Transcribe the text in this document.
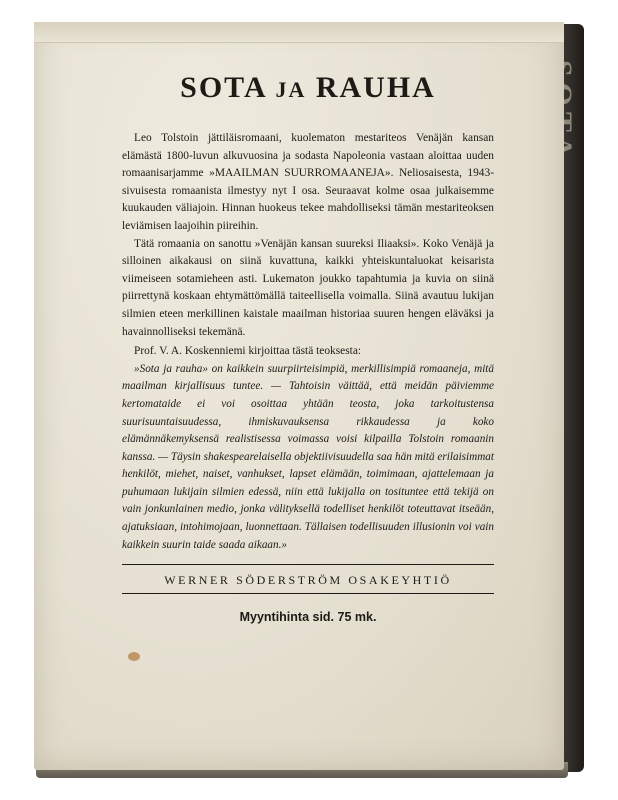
SOTA JA RAUHA

Leo Tolstoin jättiläisromaani, kuolematon mestariteos Venäjän kansan elämästä 1800-luvun alkuvuosina ja sodasta Napoleonia vastaan aloittaa uuden romaanisarjamme »MAAILMAN SUURROMAANEJA». Neliosaisesta, 1943-sivuisesta romaanista ilmestyy nyt I osa. Seuraavat kolme osaa julkaisemme kuukauden väliajoin. Hinnan huokeus tekee mahdolliseksi tämän mestariteoksen leviämisen laajoihin piireihin.

Tätä romaania on sanottu »Venäjän kansan suureksi Iliaaksi». Koko Venäjä ja silloinen aikakausi on siinä kuvattuna, kaikki yhteiskuntaluokat keisarista viimeiseen sotamieheen asti. Lukematon joukko tapahtumia ja kuvia on siinä piirrettynä koskaan ehtymättömällä taiteellisella voimalla. Siinä avautuu lukijan silmien eteen merkillinen kaistale maailman historiaa suuren hengen eläväksi ja havainnolliseksi tekemänä.

Prof. V. A. Koskenniemi kirjoittaa tästä teoksesta:

»Sota ja rauha» on kaikkein suurpiirteisimpiä, merkillisimpiä romaaneja, mitä maailman kirjallisuus tuntee. — Tahtoisin väittää, että meidän päiviemme kertomataide ei voi osoittaa yhtään teosta, joka tarkoitustensa suurisuuntaisuudessa, ihmiskuvauksensa rikkaudessa ja koko elämännäkemyksensä realistisessa voimassa voisi kilpailla Tolstoin romaanin kanssa. — Täysin shakespearelaisella objektiivisuudella saa hän mitä erilaisimmat henkilöt, miehet, naiset, vanhukset, lapset elämään, toimimaan, ajattelemaan ja puhumaan lukijain silmien edessä, niin että lukijalla on tosituntee että tekijä on vain jonkunlainen medio, jonka välityksellä todelliset henkilöt toteuttavat itseään, ajatuksiaan, intohimojaan, luonnettaan. Tällaisen todellisuuden illusionin voi vain kaikkein suurin taide saada aikaan.»

WERNER SÖDERSTRÖM OSAKEYHTIÖ
Myyntihinta sid. 75 mk.
